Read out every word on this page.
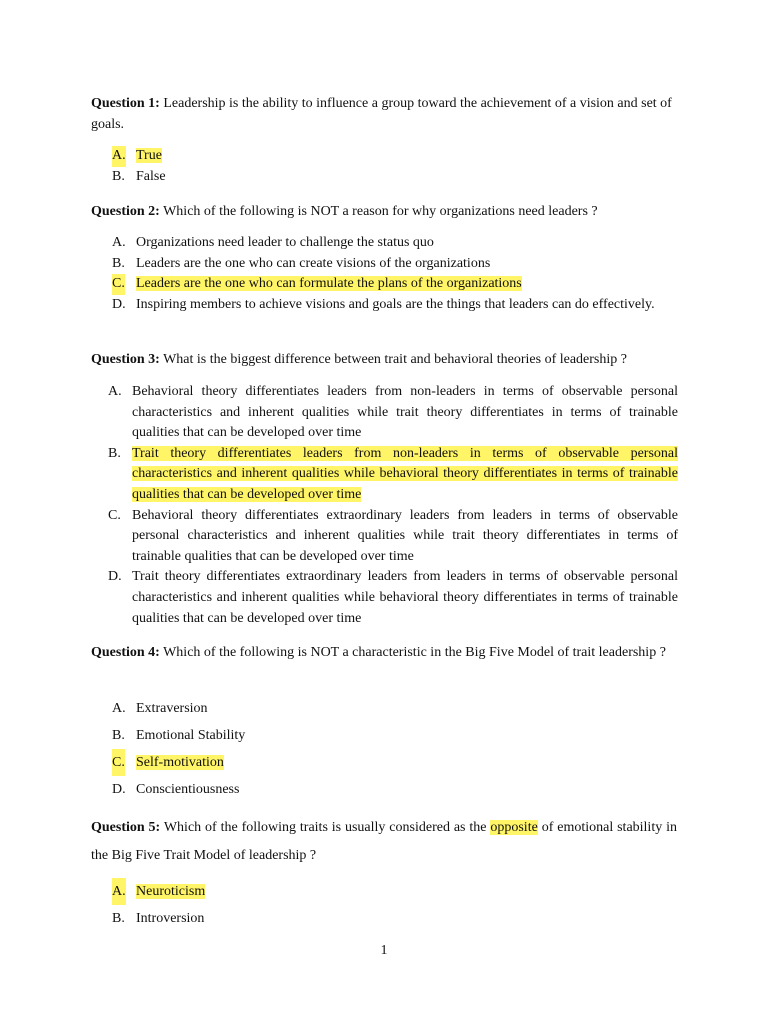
Question 1: Leadership is the ability to influence a group toward the achievement of a vision and set of goals.

A. True
B. False

Question 2: Which of the following is NOT a reason for why organizations need leaders ?

A. Organizations need leader to challenge the status quo
B. Leaders are the one who can create visions of the organizations
C. Leaders are the one who can formulate the plans of the organizations
D. Inspiring members to achieve visions and goals are the things that leaders can do effectively.

Question 3: What is the biggest difference between trait and behavioral theories of leadership ?

A. Behavioral theory differentiates leaders from non-leaders in terms of observable personal characteristics and inherent qualities while trait theory differentiates in terms of trainable qualities that can be developed over time
B. Trait theory differentiates leaders from non-leaders in terms of observable personal characteristics and inherent qualities while behavioral theory differentiates in terms of trainable qualities that can be developed over time
C. Behavioral theory differentiates extraordinary leaders from leaders in terms of observable personal characteristics and inherent qualities while trait theory differentiates in terms of trainable qualities that can be developed over time
D. Trait theory differentiates extraordinary leaders from leaders in terms of observable personal characteristics and inherent qualities while behavioral theory differentiates in terms of trainable qualities that can be developed over time

Question 4: Which of the following is NOT a characteristic in the Big Five Model of trait leadership ?

A. Extraversion
B. Emotional Stability
C. Self-motivation
D. Conscientiousness

Question 5: Which of the following traits is usually considered as the opposite of emotional stability in the Big Five Trait Model of leadership ?

A. Neuroticism
B. Introversion
1
